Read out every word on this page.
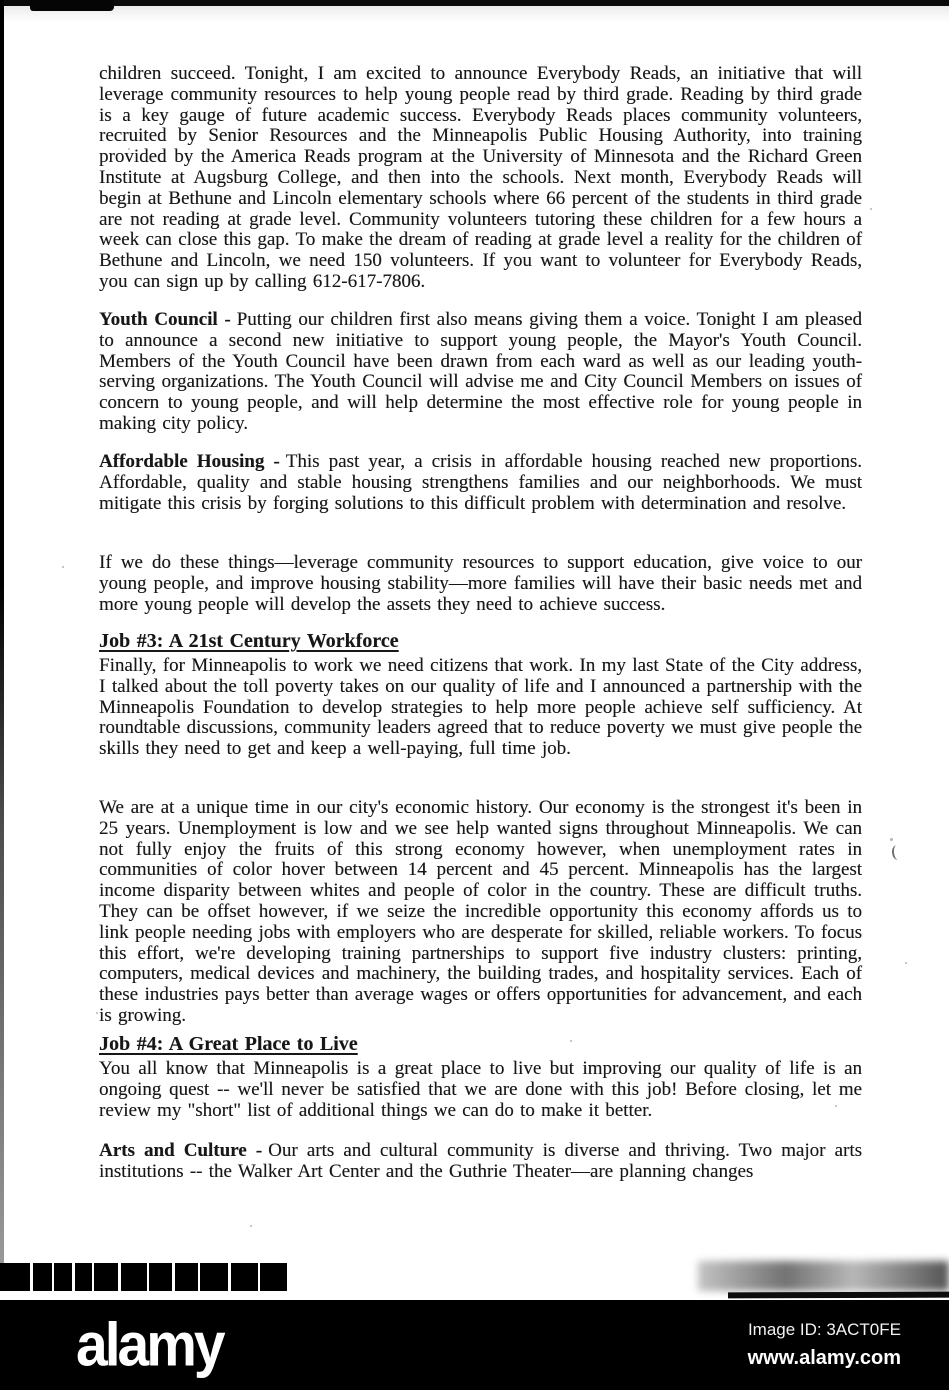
children succeed. Tonight, I am excited to announce Everybody Reads, an initiative that will leverage community resources to help young people read by third grade. Reading by third grade is a key gauge of future academic success. Everybody Reads places community volunteers, recruited by Senior Resources and the Minneapolis Public Housing Authority, into training provided by the America Reads program at the University of Minnesota and the Richard Green Institute at Augsburg College, and then into the schools. Next month, Everybody Reads will begin at Bethune and Lincoln elementary schools where 66 percent of the students in third grade are not reading at grade level. Community volunteers tutoring these children for a few hours a week can close this gap. To make the dream of reading at grade level a reality for the children of Bethune and Lincoln, we need 150 volunteers. If you want to volunteer for Everybody Reads, you can sign up by calling 612-617-7806.

Youth Council - Putting our children first also means giving them a voice. Tonight I am pleased to announce a second new initiative to support young people, the Mayor's Youth Council. Members of the Youth Council have been drawn from each ward as well as our leading youth-serving organizations. The Youth Council will advise me and City Council Members on issues of concern to young people, and will help determine the most effective role for young people in making city policy.

Affordable Housing - This past year, a crisis in affordable housing reached new proportions. Affordable, quality and stable housing strengthens families and our neighborhoods. We must mitigate this crisis by forging solutions to this difficult problem with determination and resolve.

If we do these things—leverage community resources to support education, give voice to our young people, and improve housing stability—more families will have their basic needs met and more young people will develop the assets they need to achieve success.

Job #3: A 21st Century Workforce

Finally, for Minneapolis to work we need citizens that work. In my last State of the City address, I talked about the toll poverty takes on our quality of life and I announced a partnership with the Minneapolis Foundation to develop strategies to help more people achieve self sufficiency. At roundtable discussions, community leaders agreed that to reduce poverty we must give people the skills they need to get and keep a well-paying, full time job.

We are at a unique time in our city's economic history. Our economy is the strongest it's been in 25 years. Unemployment is low and we see help wanted signs throughout Minneapolis. We can not fully enjoy the fruits of this strong economy however, when unemployment rates in communities of color hover between 14 percent and 45 percent. Minneapolis has the largest income disparity between whites and people of color in the country. These are difficult truths. They can be offset however, if we seize the incredible opportunity this economy affords us to link people needing jobs with employers who are desperate for skilled, reliable workers. To focus this effort, we're developing training partnerships to support five industry clusters: printing, computers, medical devices and machinery, the building trades, and hospitality services. Each of these industries pays better than average wages or offers opportunities for advancement, and each is growing.

Job #4: A Great Place to Live

You all know that Minneapolis is a great place to live but improving our quality of life is an ongoing quest -- we'll never be satisfied that we are done with this job! Before closing, let me review my "short" list of additional things we can do to make it better.

Arts and Culture - Our arts and cultural community is diverse and thriving. Two major arts institutions -- the Walker Art Center and the Guthrie Theater—are planning changes

alamy	Image ID: 3ACT0FE
www.alamy.com
